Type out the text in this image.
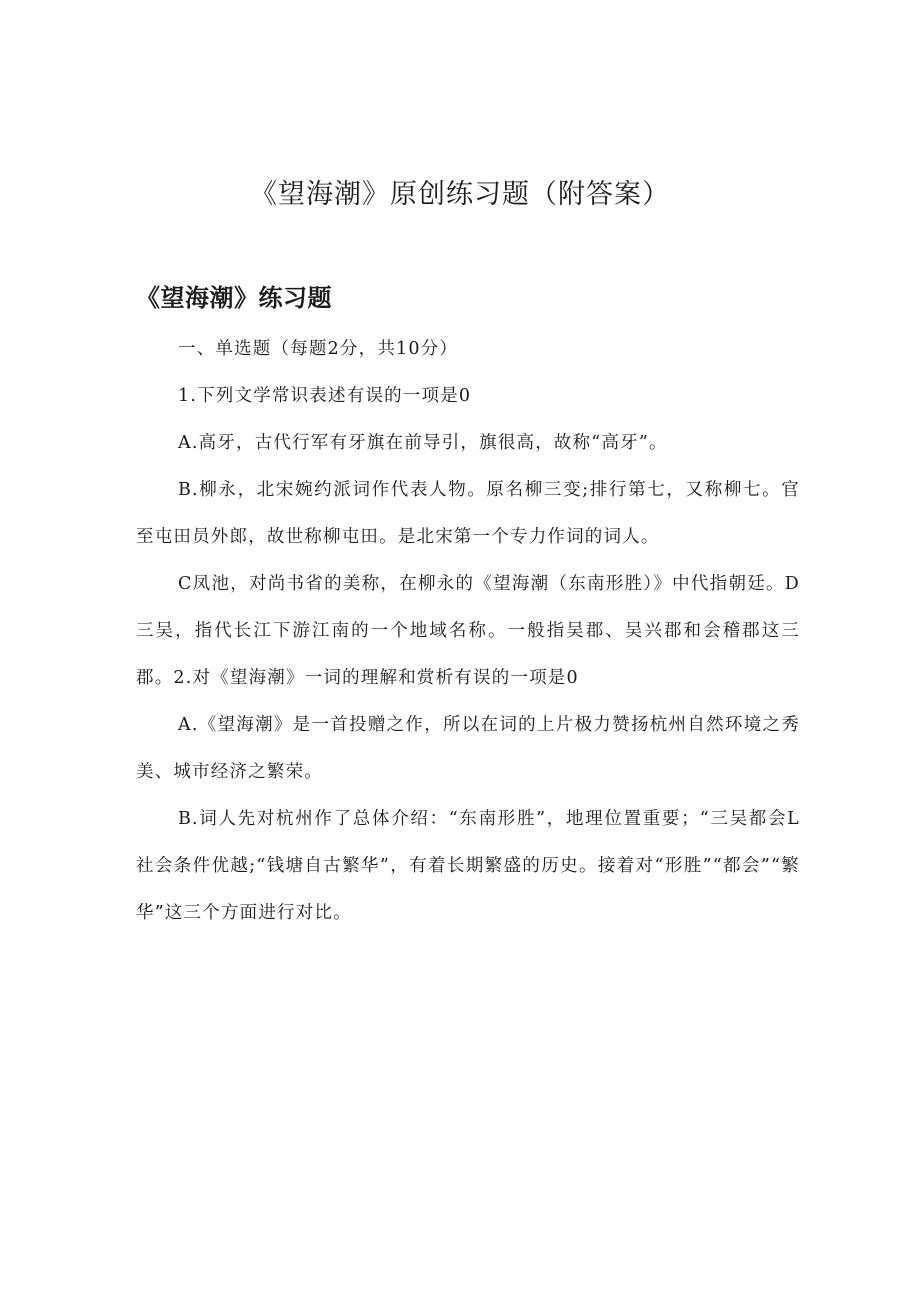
《望海潮》原创练习题（附答案）
《望海潮》练习题

一、单选题（每题2分，共10分）

1.下列文学常识表述有误的一项是0

A.高牙，古代行军有牙旗在前导引，旗很高，故称“高牙”。

B.柳永，北宋婉约派词作代表人物。原名柳三变;排行第七，又称柳七。官至屯田员外郎，故世称柳屯田。是北宋第一个专力作词的词人。

C凤池，对尚书省的美称，在柳永的《望海潮（东南形胜）》中代指朝廷。D三吴，指代长江下游江南的一个地域名称。一般指吴郡、吴兴郡和会稽郡这三郡。2.对《望海潮》一词的理解和赏析有误的一项是0

A.《望海潮》是一首投赠之作，所以在词的上片极力赞扬杭州自然环境之秀美、城市经济之繁荣。

B.词人先对杭州作了总体介绍：“东南形胜”，地理位置重要；“三吴都会L社会条件优越;“钱塘自古繁华”，有着长期繁盛的历史。接着对“形胜”“都会”“繁华”这三个方面进行对比。
